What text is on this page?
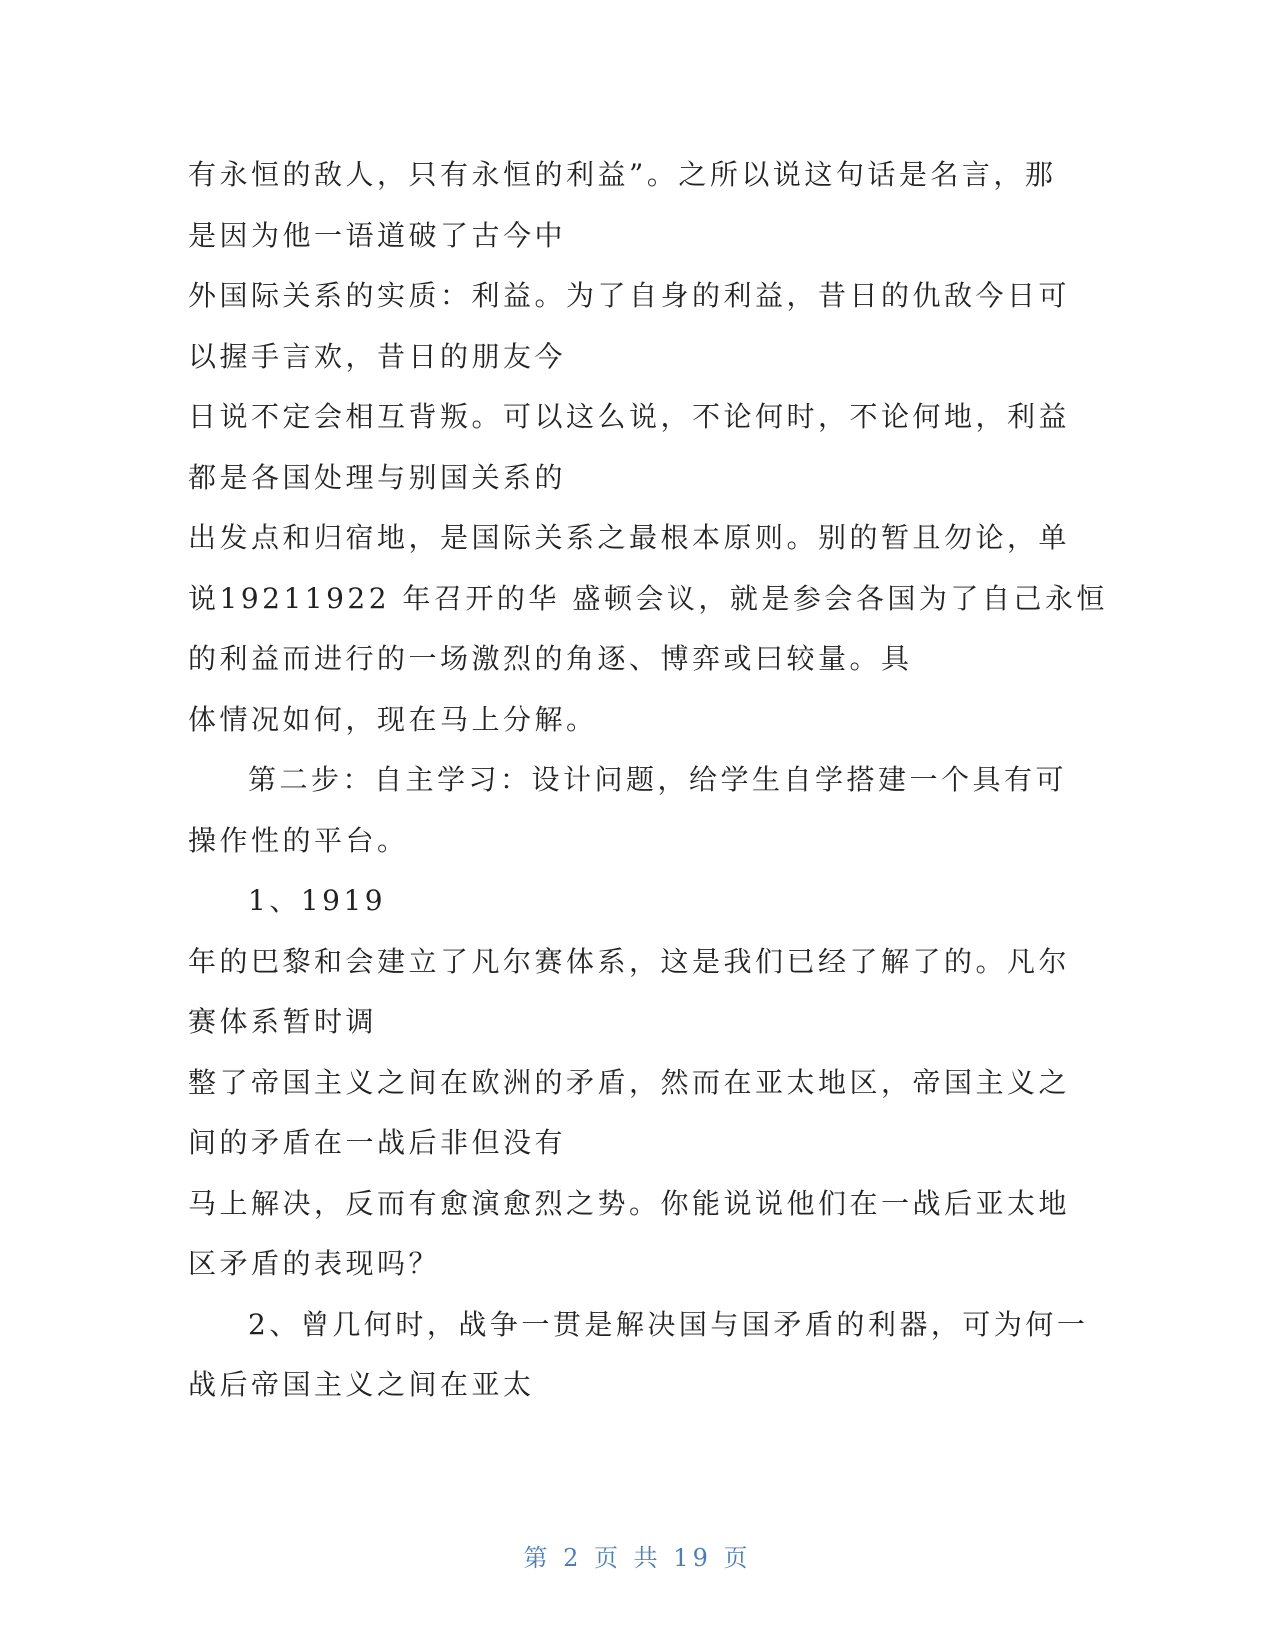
有永恒的敌人，只有永恒的利益”。之所以说这句话是名言，那
是因为他一语道破了古今中
外国际关系的实质：利益。为了自身的利益，昔日的仇敌今日可
以握手言欢，昔日的朋友今
日说不定会相互背叛。可以这么说，不论何时，不论何地，利益
都是各国处理与别国关系的
出发点和归宿地，是国际关系之最根本原则。别的暂且勿论，单
说19211922 年召开的华 盛顿会议，就是参会各国为了自己永恒
的利益而进行的一场激烈的角逐、博弈或曰较量。具
体情况如何，现在马上分解。
第二步：自主学习：设计问题，给学生自学搭建一个具有可
操作性的平台。
1、1919
年的巴黎和会建立了凡尔赛体系，这是我们已经了解了的。凡尔
赛体系暂时调
整了帝国主义之间在欧洲的矛盾，然而在亚太地区，帝国主义之
间的矛盾在一战后非但没有
马上解决，反而有愈演愈烈之势。你能说说他们在一战后亚太地
区矛盾的表现吗？
2、曾几何时，战争一贯是解决国与国矛盾的利器，可为何一
战后帝国主义之间在亚太
第 2 页 共 19 页
